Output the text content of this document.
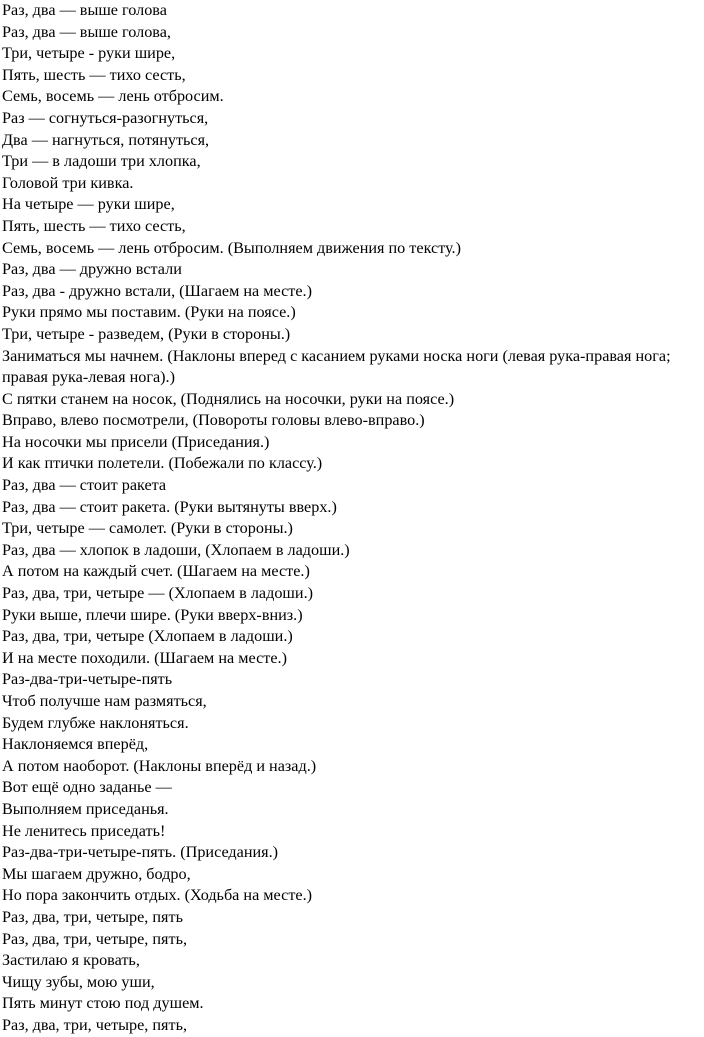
Раз, два — выше голова
Раз, два — выше голова,
Три, четыре - руки шире,
Пять, шесть — тихо сесть,
Семь, восемь — лень отбросим.
Раз — согнуться-разогнуться,
Два — нагнуться, потянуться,
Три — в ладоши три хлопка,
Головой три кивка.
На четыре — руки шире,
Пять, шесть — тихо сесть,
Семь, восемь — лень отбросим. (Выполняем движения по тексту.)
Раз, два — дружно встали
Раз, два - дружно встали, (Шагаем на месте.)
Руки прямо мы поставим. (Руки на поясе.)
Три, четыре - разведем, (Руки в стороны.)
Заниматься мы начнем. (Наклоны вперед с касанием руками носка ноги (левая рука-правая нога;
правая рука-левая нога).)
С пятки станем на носок, (Поднялись на носочки, руки на поясе.)
Вправо, влево посмотрели, (Повороты головы влево-вправо.)
На носочки мы присели (Приседания.)
И как птички полетели. (Побежали по классу.)
Раз, два — стоит ракета
Раз, два — стоит ракета. (Руки вытянуты вверх.)
Три, четыре — самолет. (Руки в стороны.)
Раз, два — хлопок в ладоши, (Хлопаем в ладоши.)
А потом на каждый счет. (Шагаем на месте.)
Раз, два, три, четыре — (Хлопаем в ладоши.)
Руки выше, плечи шире. (Руки вверх-вниз.)
Раз, два, три, четыре (Хлопаем в ладоши.)
И на месте походили. (Шагаем на месте.)
Раз-два-три-четыре-пять
Чтоб получше нам размяться,
Будем глубже наклоняться.
Наклоняемся вперёд,
А потом наоборот. (Наклоны вперёд и назад.)
Вот ещё одно заданье —
Выполняем приседанья.
Не ленитесь приседать!
Раз-два-три-четыре-пять. (Приседания.)
Мы шагаем дружно, бодро,
Но пора закончить отдых. (Ходьба на месте.)
Раз, два, три, четыре, пять
Раз, два, три, четыре, пять,
Застилаю я кровать,
Чищу зубы, мою уши,
Пять минут стою под душем.
Раз, два, три, четыре, пять,
